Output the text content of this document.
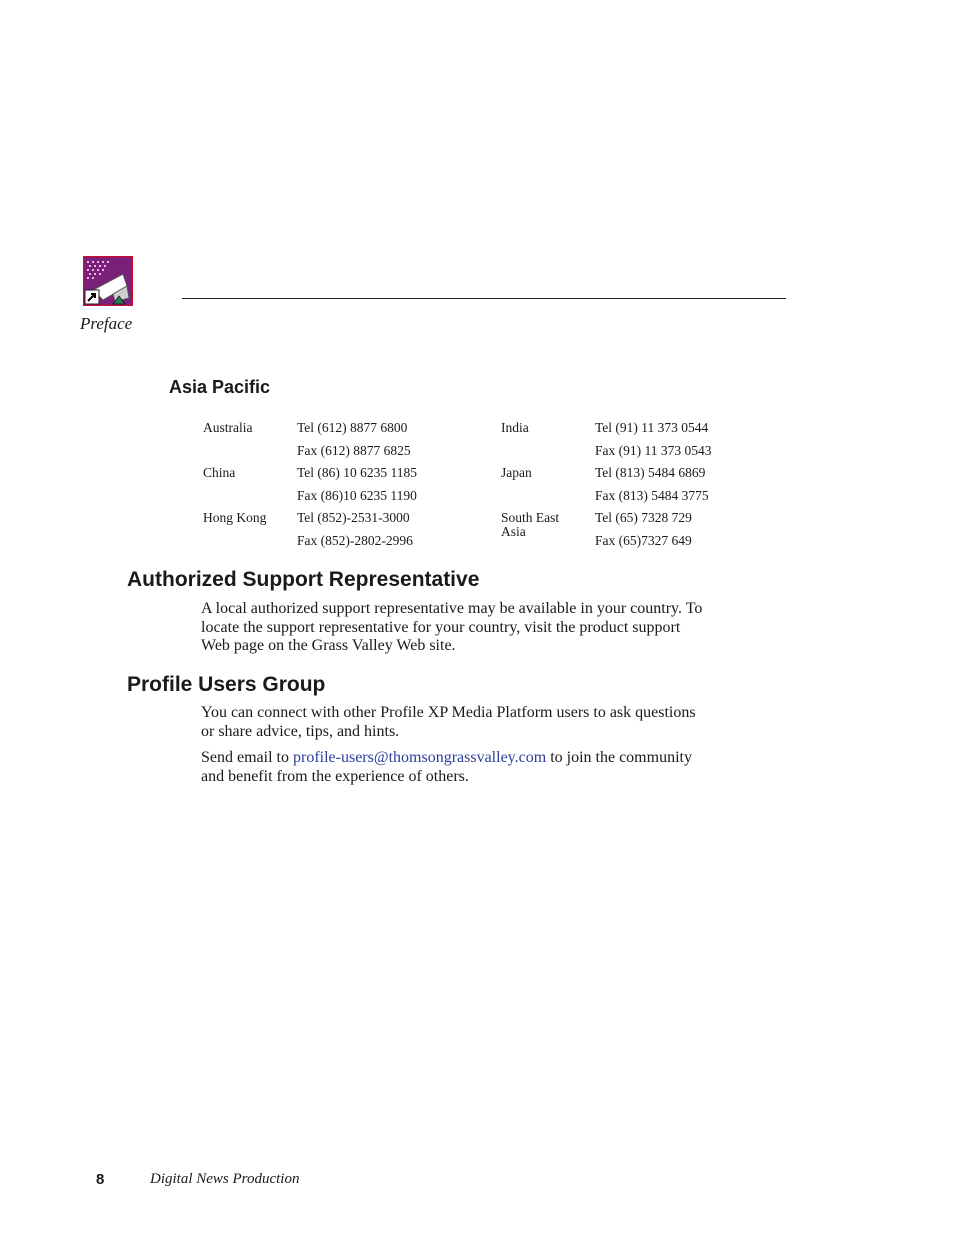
Preface
Asia Pacific
Australia	Tel (612) 8877 6800
Fax (612) 8877 6825
China	Tel (86) 10 6235 1185
Fax (86)10 6235 1190
Hong Kong Tel (852)-2531-3000
Fax (852)-2802-2996
India	Tel (91) 11 373 0544
Fax (91) 11 373 0543
Japan	Tel (813) 5484 6869
Fax (813) 5484 3775
South East
Asia
Tel (65) 7328 729
Fax (65)7327 649
Authorized Support Representative
A local authorized support representative may be available in your country. To
locate the support representative for your country, visit the product support
Web page on the Grass Valley Web site.
Profile Users Group
You can connect with other Profile XP Media Platform users to ask questions
or share advice, tips, and hints.
Send email to profile-users@thomsongrassvalley.com to join the community
and benefit from the experience of others.
8	Digital News Production
